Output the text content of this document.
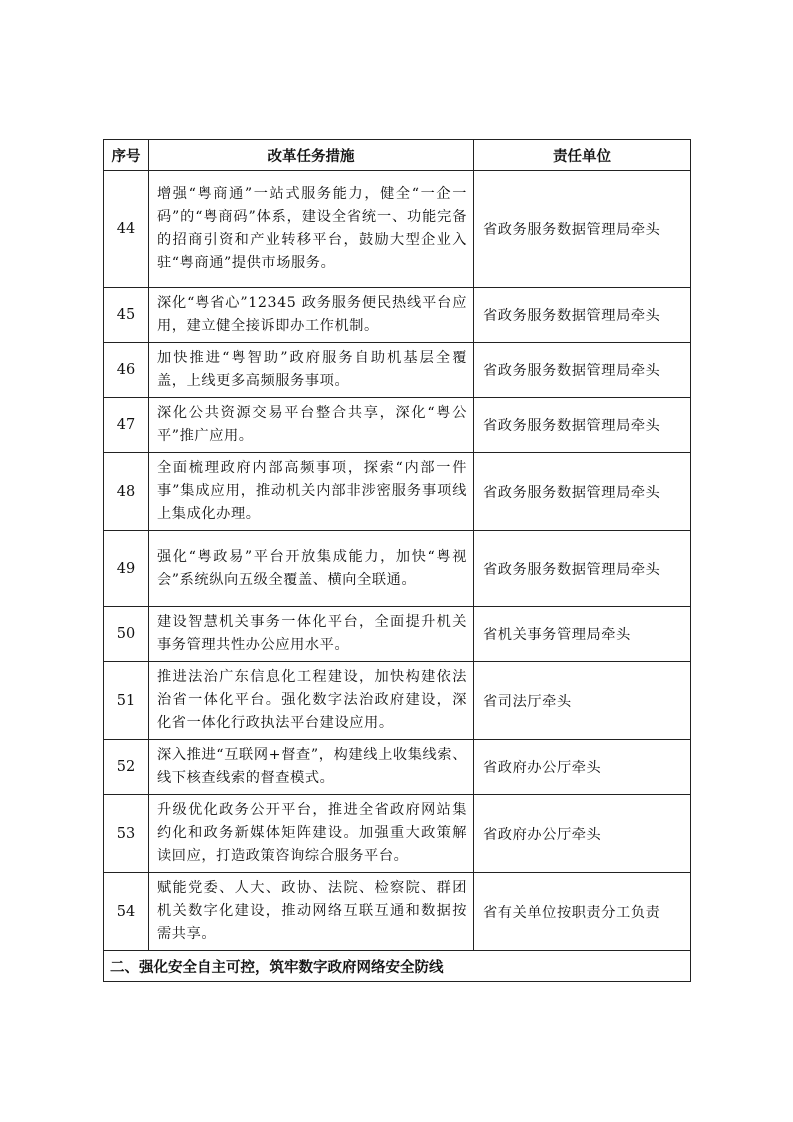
序号	改革任务措施	责任单位
44	增强“粤商通”一站式服务能力，健全“一企一码”的“粤商码”体系，建设全省统一、功能完备的招商引资和产业转移平台，鼓励大型企业入驻“粤商通”提供市场服务。	省政务服务数据管理局牵头
45	深化“粤省心”12345 政务服务便民热线平台应用，建立健全接诉即办工作机制。	省政务服务数据管理局牵头
46	加快推进“粤智助”政府服务自助机基层全覆盖，上线更多高频服务事项。	省政务服务数据管理局牵头
47	深化公共资源交易平台整合共享，深化“粤公平”推广应用。	省政务服务数据管理局牵头
48	全面梳理政府内部高频事项，探索“内部一件事”集成应用，推动机关内部非涉密服务事项线上集成化办理。	省政务服务数据管理局牵头
49	强化“粤政易”平台开放集成能力，加快“粤视会”系统纵向五级全覆盖、横向全联通。	省政务服务数据管理局牵头
50	建设智慧机关事务一体化平台，全面提升机关事务管理共性办公应用水平。	省机关事务管理局牵头
51	推进法治广东信息化工程建设，加快构建依法治省一体化平台。强化数字法治政府建设，深化省一体化行政执法平台建设应用。	省司法厅牵头
52	深入推进“互联网+督查”，构建线上收集线索、线下核查线索的督查模式。	省政府办公厅牵头
53	升级优化政务公开平台，推进全省政府网站集约化和政务新媒体矩阵建设。加强重大政策解读回应，打造政策咨询综合服务平台。	省政府办公厅牵头
54	赋能党委、人大、政协、法院、检察院、群团机关数字化建设，推动网络互联互通和数据按需共享。	省有关单位按职责分工负责
二、强化安全自主可控，筑牢数字政府网络安全防线		
